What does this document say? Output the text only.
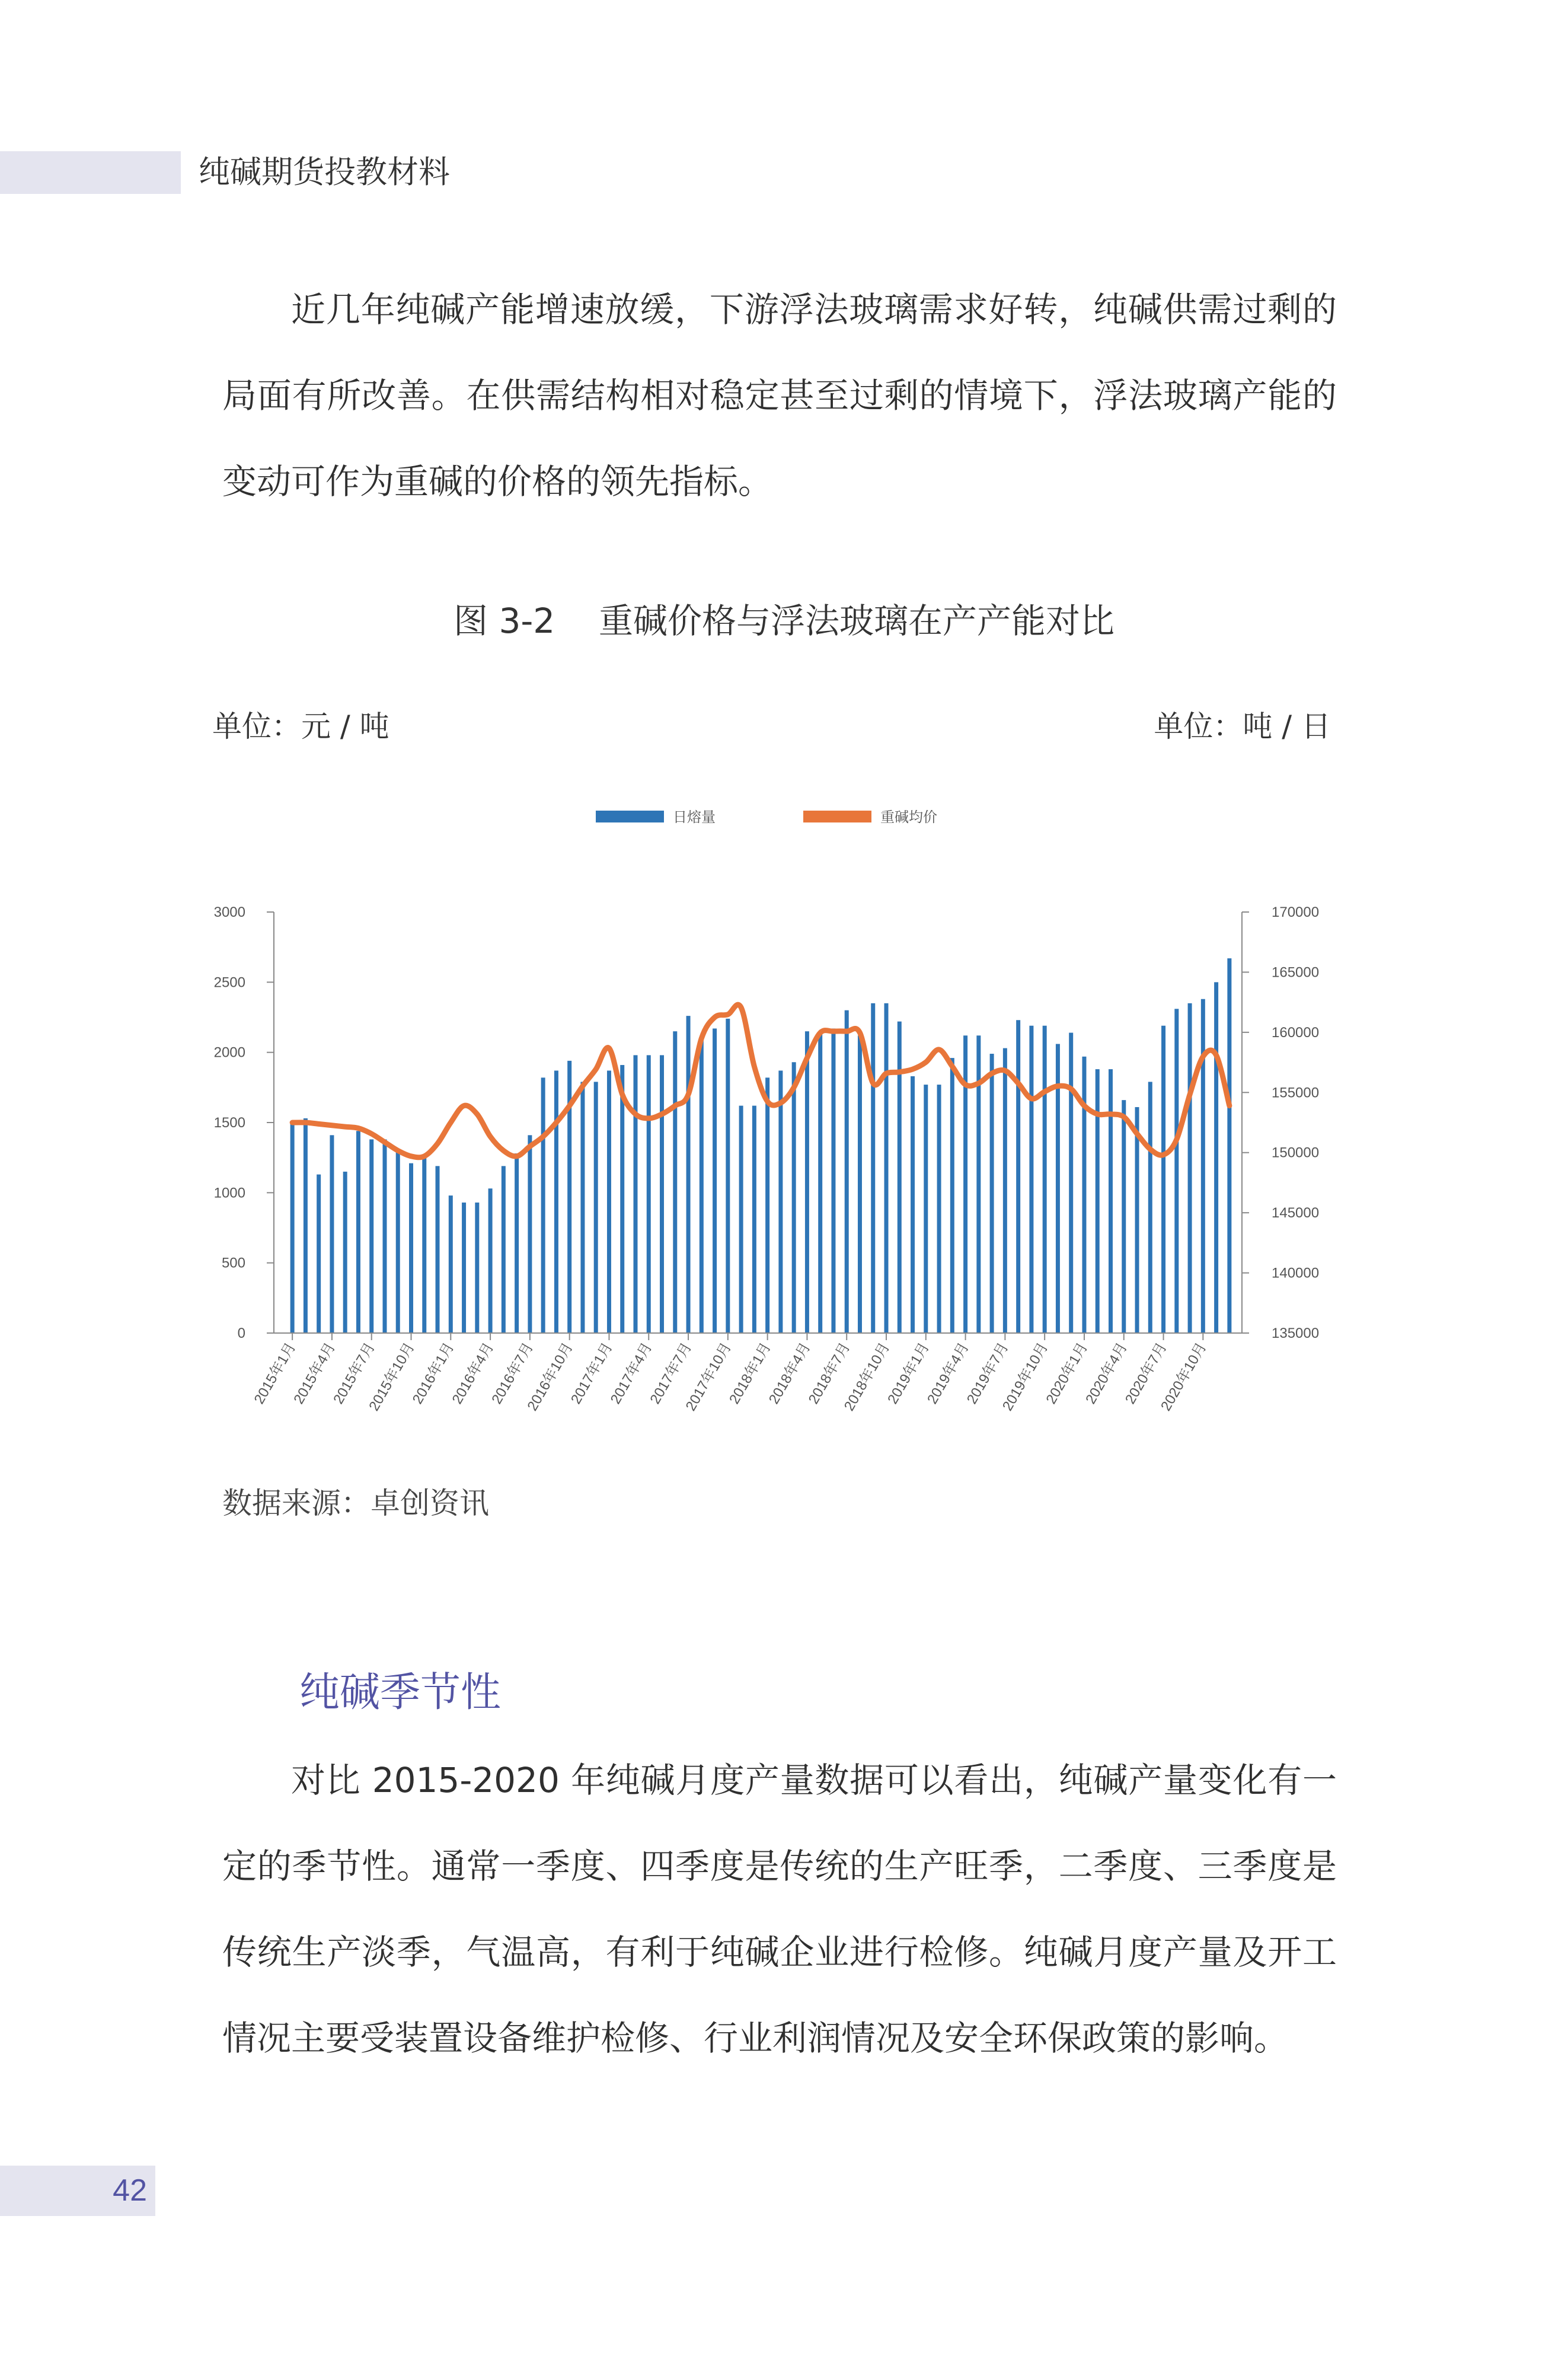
纯碱期货投教材料

近几年纯碱产能增速放缓，下游浮法玻璃需求好转，纯碱供需过剩的局面有所改善。在供需结构相对稳定甚至过剩的情境下，浮法玻璃产能的变动可作为重碱的价格的领先指标。

图 3-2    重碱价格与浮法玻璃在产产能对比
单位：元 / 吨	单位：吨 / 日
日熔量	重碱均价
0
500
1000
1500
2000
2500
3000
135000
140000
145000
150000
155000
160000
165000
170000
2015年1月
2015年4月
2015年7月
2015年10月
2016年1月
2016年4月
2016年7月
2016年10月
2017年1月
2017年4月
2017年7月
2017年10月
2018年1月
2018年4月
2018年7月
2018年10月
2019年1月
2019年4月
2019年7月
2019年10月
2020年1月
2020年4月
2020年7月
2020年10月
数据来源：卓创资讯
纯碱季节性

对比 2015-2020 年纯碱月度产量数据可以看出，纯碱产量变化有一定的季节性。通常一季度、四季度是传统的生产旺季，二季度、三季度是传统生产淡季，气温高，有利于纯碱企业进行检修。纯碱月度产量及开工情况主要受装置设备维护检修、行业利润情况及安全环保政策的影响。

42
